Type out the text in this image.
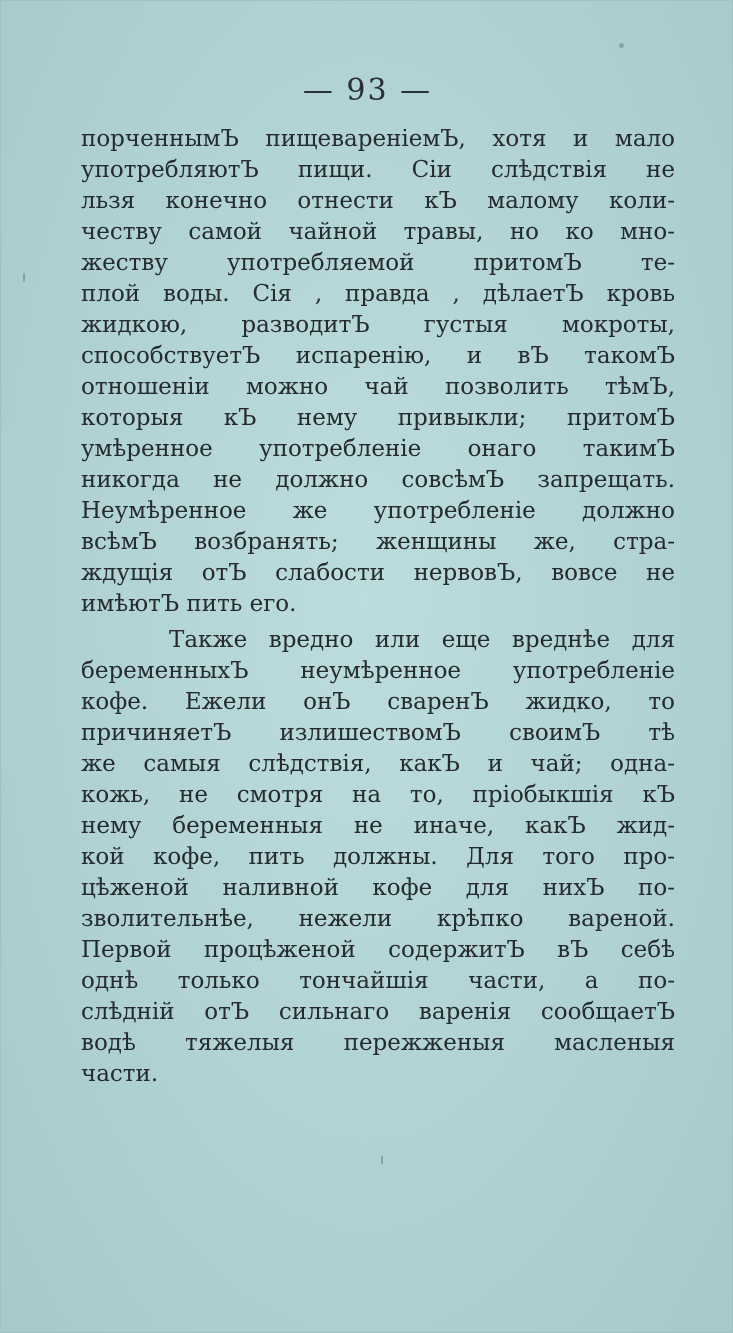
— 93 —
порченнымЪ пищевареніемЪ, хотя и мало
употребляютЪ пищи. Сіи слѣдствія не
льзя конечно отнести кЪ малому коли-
честву самой чайной травы, но ко мно-
жеству употребляемой притомЪ те-
плой воды. Сія , правда , дѣлаетЪ кровь
жидкою, разводитЪ густыя мокроты,
способствуетЪ испаренію, и вЪ такомЪ
отношеніи можно чай позволить тѣмЪ,
которыя кЪ нему привыкли; притомЪ
умѣренное употребленіе онаго такимЪ
никогда не должно совсѣмЪ запрещать.
Неумѣренное же употребленіе должно
всѣмЪ возбранять; женщины же, стра-
ждущія отЪ слабости нервовЪ, вовсе не
имѣютЪ пить его.
Также вредно или еще вреднѣе для
беременныхЪ неумѣренное употребленіе
кофе. Ежели онЪ сваренЪ жидко, то
причиняетЪ излишествомЪ своимЪ тѣ
же самыя слѣдствія, какЪ и чай; одна-
кожь, не смотря на то, пріобыкшія кЪ
нему беременныя не иначе, какЪ жид-
кой кофе, пить должны. Для того про-
цѣженой наливной кофе для нихЪ по-
зволительнѣе, нежели крѣпко вареной.
Первой процѣженой содержитЪ вЪ себѣ
однѣ только тончайшія части, а по-
слѣдній отЪ сильнаго варенія сообщаетЪ
водѣ тяжелыя пережженыя масленыя
части.
